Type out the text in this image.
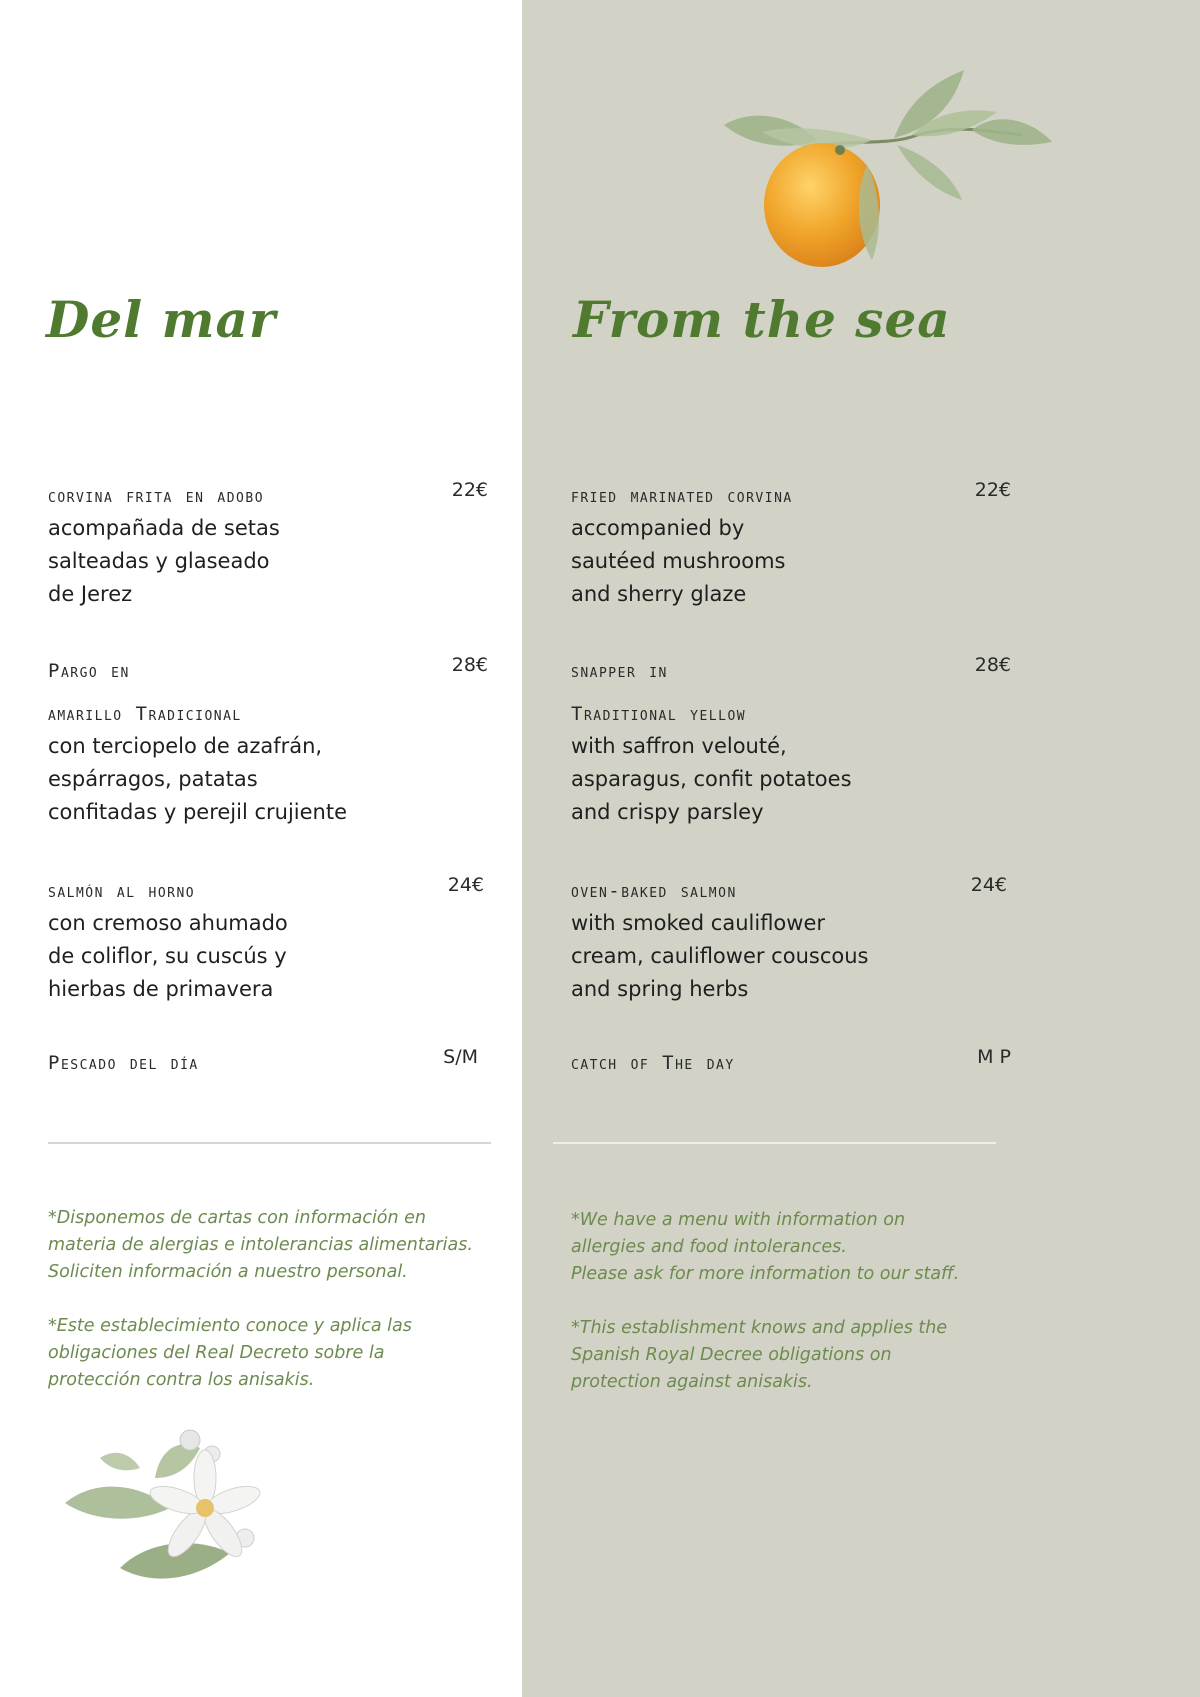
Del mar
corvina frita en adobo	22€
acompañada de setas
salteadas y glaseado
de Jerez
Pargo en
amarillo Tradicional
28€
con terciopelo de azafrán,
espárragos, patatas
confitadas y perejil crujiente
salmón al horno	24€
con cremoso ahumado
de coliflor, su cuscús y
hierbas de primavera
Pescado del día	S/M
*Disponemos de cartas con información en
materia de alergias e intolerancias alimentarias.
Soliciten información a nuestro personal.
*Este establecimiento conoce y aplica las
obligaciones del Real Decreto sobre la
protección contra los anisakis.
From the sea
fried marinated corvina	22€
accompanied by
sautéed mushrooms
and sherry glaze
snapper in
Traditional yellow
28€
with saffron velouté,
asparagus, confit potatoes
and crispy parsley
oven-baked salmon	24€
with smoked cauliflower
cream, cauliflower couscous
and spring herbs
catch of The day	M P
*We have a menu with information on
allergies and food intolerances.
Please ask for more information to our staff.
*This establishment knows and applies the
Spanish Royal Decree obligations on
protection against anisakis.
